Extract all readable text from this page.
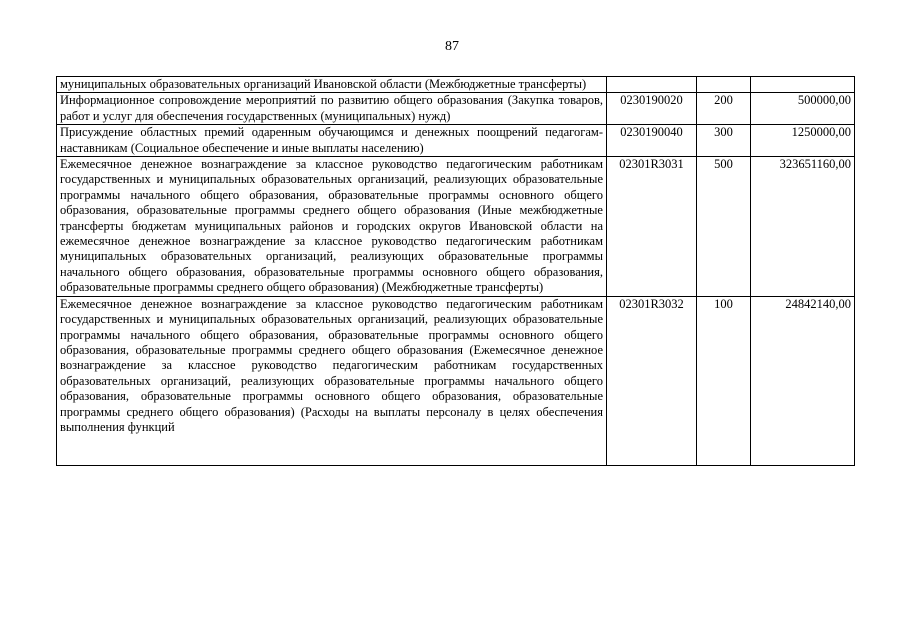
87
муниципальных образовательных организаций Ивановской области (Межбюджетные трансферты)			
Информационное сопровождение мероприятий по развитию общего образования (Закупка товаров, работ и услуг для обеспечения государственных (муниципальных) нужд)	0230190020	200	500000,00
Присуждение областных премий одаренным обучающимся и денежных поощрений педагогам-наставникам (Социальное обеспечение и иные выплаты населению)	0230190040	300	1250000,00
Ежемесячное денежное вознаграждение за классное руководство педагогическим работникам государственных и муниципальных образовательных организаций, реализующих образовательные программы начального общего образования, образовательные программы основного общего образования, образовательные программы среднего общего образования (Иные межбюджетные трансферты бюджетам муниципальных районов и городских округов Ивановской области на ежемесячное денежное вознаграждение за классное руководство педагогическим работникам муниципальных образовательных организаций, реализующих образовательные программы начального общего образования, образовательные программы основного общего образования, образовательные программы среднего общего образования) (Межбюджетные трансферты)	02301R3031	500	323651160,00

Ежемесячное денежное вознаграждение за классное руководство педагогическим работникам государственных и муниципальных образовательных организаций, реализующих образовательные программы начального общего образования, образовательные программы основного общего образования, образовательные программы среднего общего образования (Ежемесячное денежное вознаграждение за классное руководство педагогическим работникам государственных образовательных организаций, реализующих образовательные программы начального общего образования, образовательные программы основного общего образования, образовательные программы среднего общего образования) (Расходы на выплаты персоналу в целях обеспечения выполнения функций	02301R3032	100	24842140,00
